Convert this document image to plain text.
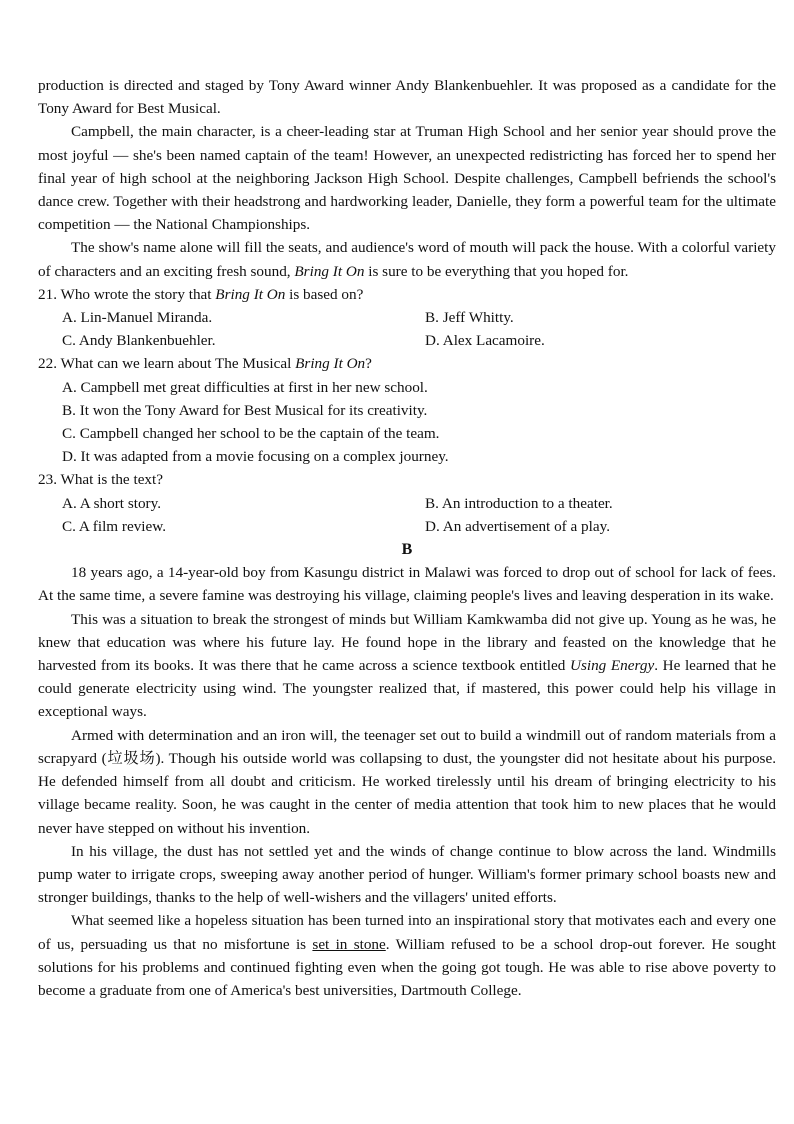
production is directed and staged by Tony Award winner Andy Blankenbuehler. It was proposed as a candidate for the Tony Award for Best Musical.

Campbell, the main character, is a cheer-leading star at Truman High School and her senior year should prove the most joyful — she's been named captain of the team! However, an unexpected redistricting has forced her to spend her final year of high school at the neighboring Jackson High School. Despite challenges, Campbell befriends the school's dance crew. Together with their headstrong and hardworking leader, Danielle, they form a powerful team for the ultimate competition — the National Championships.

The show's name alone will fill the seats, and audience's word of mouth will pack the house. With a colorful variety of characters and an exciting fresh sound, Bring It On is sure to be everything that you hoped for.

21. Who wrote the story that Bring It On is based on?

A. Lin-Manuel Miranda.	B. Jeff Whitty.
C. Andy Blankenbuehler.	D. Alex Lacamoire.

22. What can we learn about The Musical Bring It On?

A. Campbell met great difficulties at first in her new school.
B. It won the Tony Award for Best Musical for its creativity.
C. Campbell changed her school to be the captain of the team.
D. It was adapted from a movie focusing on a complex journey.

23. What is the text?

A. A short story.	B. An introduction to a theater.
C. A film review.	D. An advertisement of a play.
B

18 years ago, a 14-year-old boy from Kasungu district in Malawi was forced to drop out of school for lack of fees. At the same time, a severe famine was destroying his village, claiming people's lives and leaving desperation in its wake.

This was a situation to break the strongest of minds but William Kamkwamba did not give up. Young as he was, he knew that education was where his future lay. He found hope in the library and feasted on the knowledge that he harvested from its books. It was there that he came across a science textbook entitled Using Energy. He learned that he could generate electricity using wind. The youngster realized that, if mastered, this power could help his village in exceptional ways.

Armed with determination and an iron will, the teenager set out to build a windmill out of random materials from a scrapyard (垃圾场). Though his outside world was collapsing to dust, the youngster did not hesitate about his purpose. He defended himself from all doubt and criticism. He worked tirelessly until his dream of bringing electricity to his village became reality. Soon, he was caught in the center of media attention that took him to new places that he would never have stepped on without his invention.

In his village, the dust has not settled yet and the winds of change continue to blow across the land. Windmills pump water to irrigate crops, sweeping away another period of hunger. William's former primary school boasts new and stronger buildings, thanks to the help of well-wishers and the villagers' united efforts.

What seemed like a hopeless situation has been turned into an inspirational story that motivates each and every one of us, persuading us that no misfortune is set in stone. William refused to be a school drop-out forever. He sought solutions for his problems and continued fighting even when the going got tough. He was able to rise above poverty to become a graduate from one of America's best universities, Dartmouth College.
